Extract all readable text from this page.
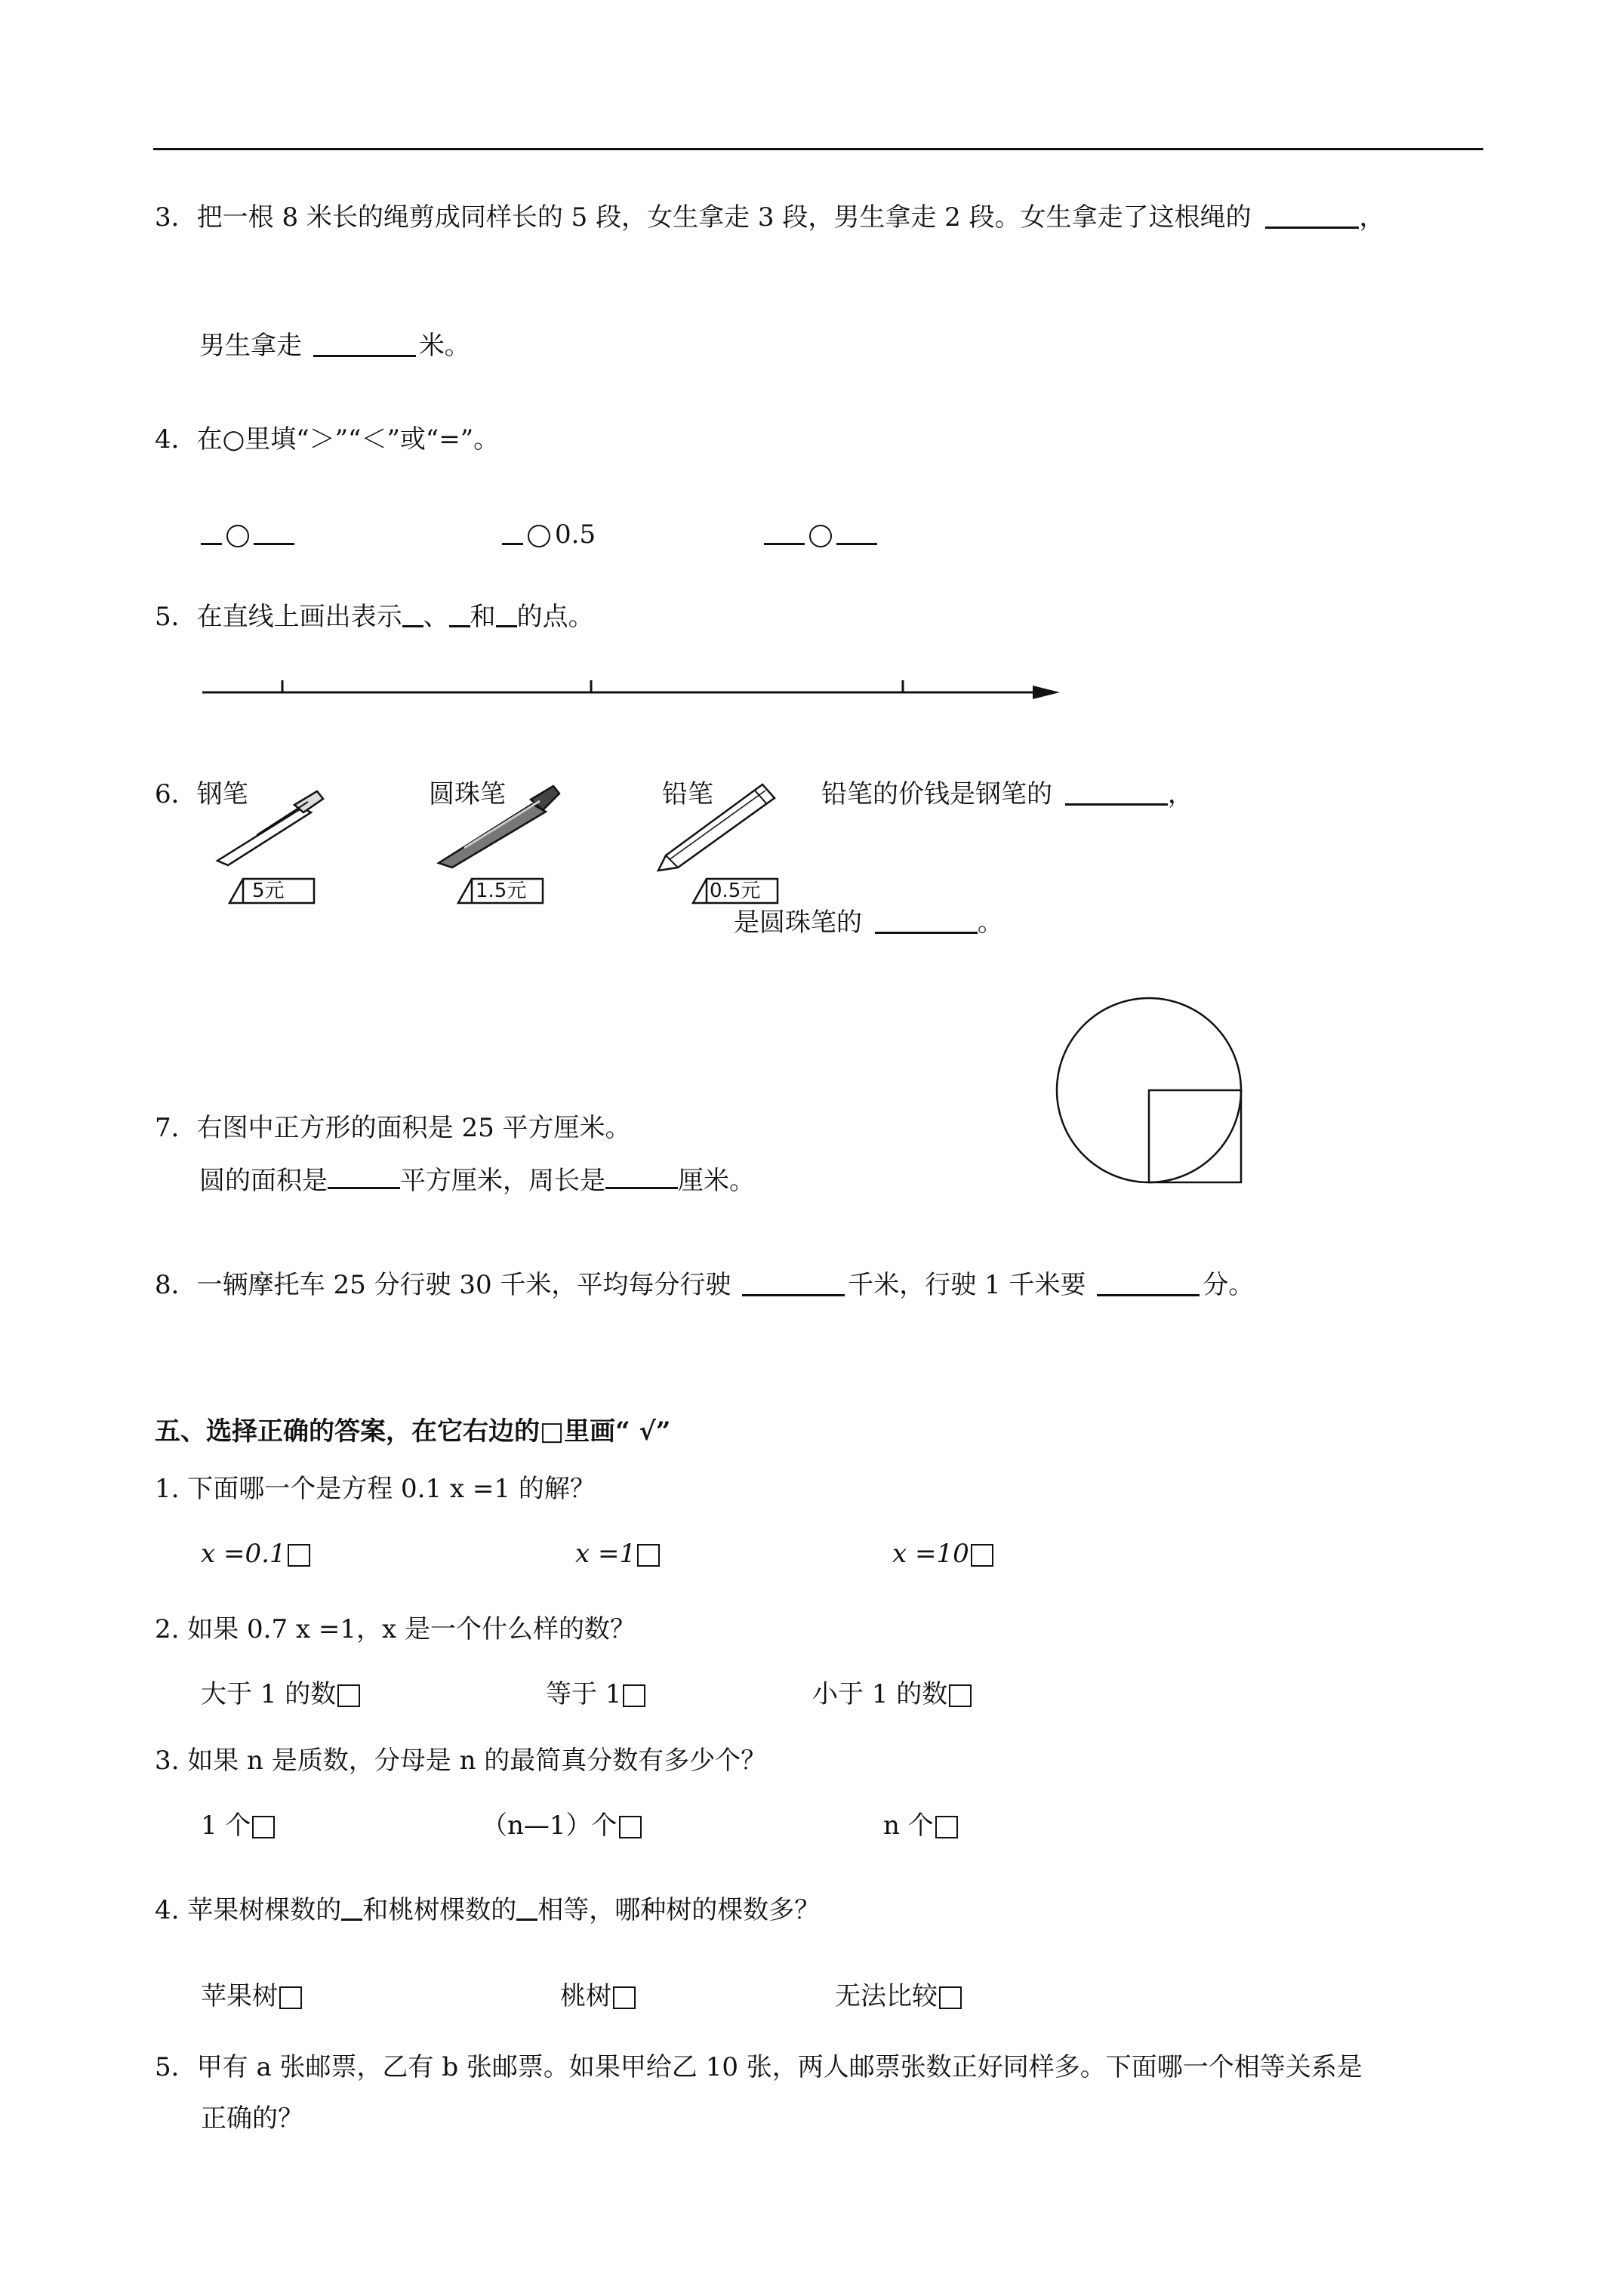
3．把一根 8 米长的绳剪成同样长的 5 段，女生拿走 3 段，男生拿走 2 段。女生拿走了这根绳的	，
男生拿走	米。
4．在○里填“＞”“＜”或“=”。
0.5
5．在直线上画出表示 、 和 的点。
6．钢笔	圆珠笔	铅笔
5元	1.5元	0.5元
铅笔的价钱是钢笔的	，
是圆珠笔的	。
7．右图中正方形的面积是 25 平方厘米。
圆的面积是	平方厘米，周长是	厘米。
8．一辆摩托车 25 分行驶 30 千米，平均每分行驶	千米，行驶 1 千米要	分。
五、选择正确的答案，在它右边的□里画“ √”
1. 下面哪一个是方程 0.1 x =1 的解？
x =0.1	x =1	x =10
2. 如果 0.7 x =1，x 是一个什么样的数？
大于 1 的数	等于 1	小于 1 的数
3. 如果 n 是质数，分母是 n 的最简真分数有多少个？
1 个	（n—1）个	n 个
4. 苹果树棵数的 和桃树棵数的 相等，哪种树的棵数多？
苹果树	桃树	无法比较
5．甲有 a 张邮票，乙有 b 张邮票。如果甲给乙 10 张，两人邮票张数正好同样多。下面哪一个相等关系是
正确的？
